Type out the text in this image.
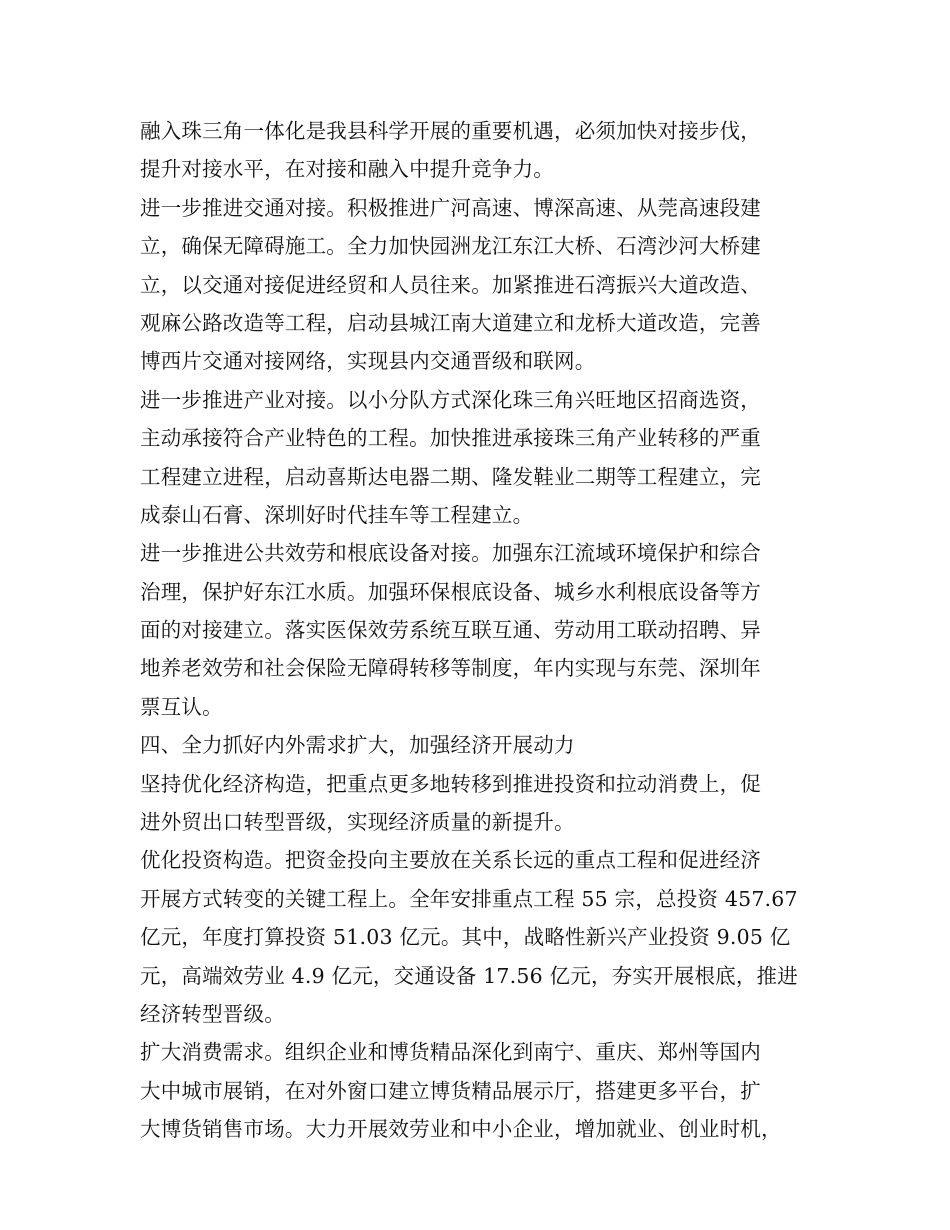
融入珠三角一体化是我县科学开展的重要机遇，必须加快对接步伐，
提升对接水平，在对接和融入中提升竞争力。
进一步推进交通对接。积极推进广河高速、博深高速、从莞高速段建
立，确保无障碍施工。全力加快园洲龙江东江大桥、石湾沙河大桥建
立，以交通对接促进经贸和人员往来。加紧推进石湾振兴大道改造、
观麻公路改造等工程，启动县城江南大道建立和龙桥大道改造，完善
博西片交通对接网络，实现县内交通晋级和联网。
进一步推进产业对接。以小分队方式深化珠三角兴旺地区招商选资，
主动承接符合产业特色的工程。加快推进承接珠三角产业转移的严重
工程建立进程，启动喜斯达电器二期、隆发鞋业二期等工程建立，完
成泰山石膏、深圳好时代挂车等工程建立。
进一步推进公共效劳和根底设备对接。加强东江流域环境保护和综合
治理，保护好东江水质。加强环保根底设备、城乡水利根底设备等方
面的对接建立。落实医保效劳系统互联互通、劳动用工联动招聘、异
地养老效劳和社会保险无障碍转移等制度，年内实现与东莞、深圳年
票互认。
四、全力抓好内外需求扩大，加强经济开展动力
坚持优化经济构造，把重点更多地转移到推进投资和拉动消费上，促
进外贸出口转型晋级，实现经济质量的新提升。
优化投资构造。把资金投向主要放在关系长远的重点工程和促进经济
开展方式转变的关键工程上。全年安排重点工程 55 宗，总投资 457.67
亿元，年度打算投资 51.03 亿元。其中，战略性新兴产业投资 9.05 亿
元，高端效劳业 4.9 亿元，交通设备 17.56 亿元，夯实开展根底，推进
经济转型晋级。
扩大消费需求。组织企业和博货精品深化到南宁、重庆、郑州等国内
大中城市展销，在对外窗口建立博货精品展示厅，搭建更多平台，扩
大博货销售市场。大力开展效劳业和中小企业，增加就业、创业时机，
